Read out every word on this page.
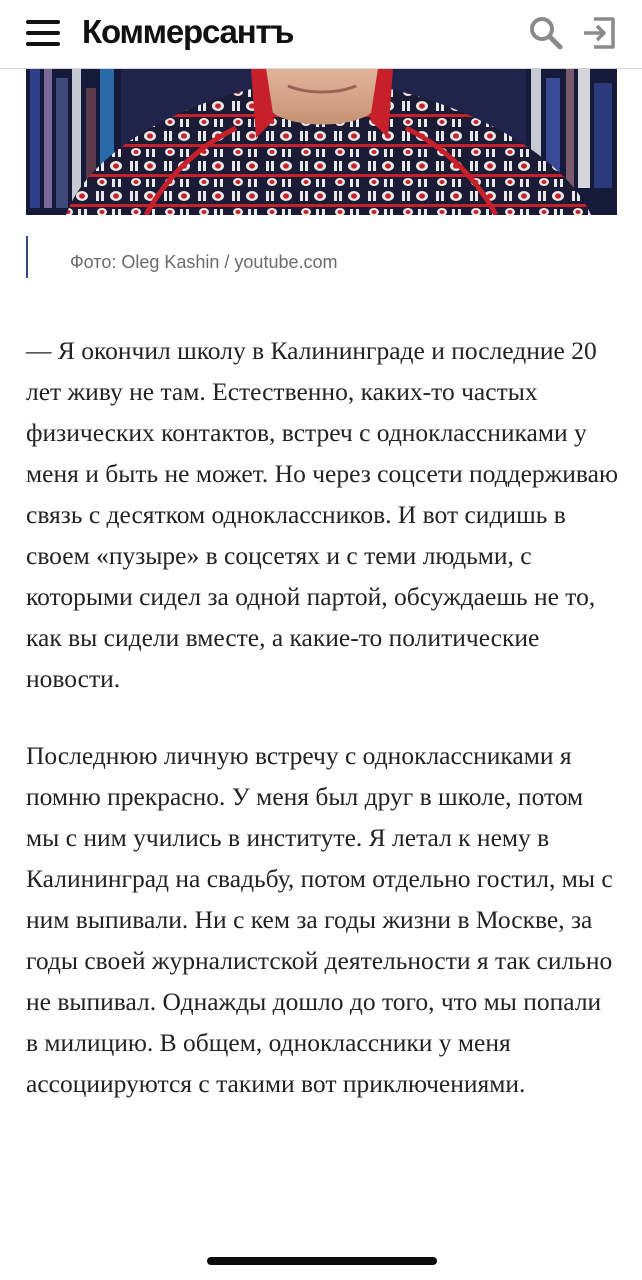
Коммерсантъ
Фото: Oleg Kashin / youtube.com

— Я окончил школу в Калининграде и последние 20 лет живу не там. Естественно, каких-то частых физических контактов, встреч с одноклассниками у меня и быть не может. Но через соцсети поддерживаю связь с десятком одноклассников. И вот сидишь в своем «пузыре» в соцсетях и с теми людьми, с которыми сидел за одной партой, обсуждаешь не то, как вы сидели вместе, а какие-то политические новости.

Последнюю личную встречу с одноклассниками я помню прекрасно. У меня был друг в школе, потом мы с ним учились в институте. Я летал к нему в Калининград на свадьбу, потом отдельно гостил, мы с ним выпивали. Ни с кем за годы жизни в Москве, за годы своей журналистской деятельности я так сильно не выпивал. Однажды дошло до того, что мы попали в милицию. В общем, одноклассники у меня ассоциируются с такими вот приключениями.
